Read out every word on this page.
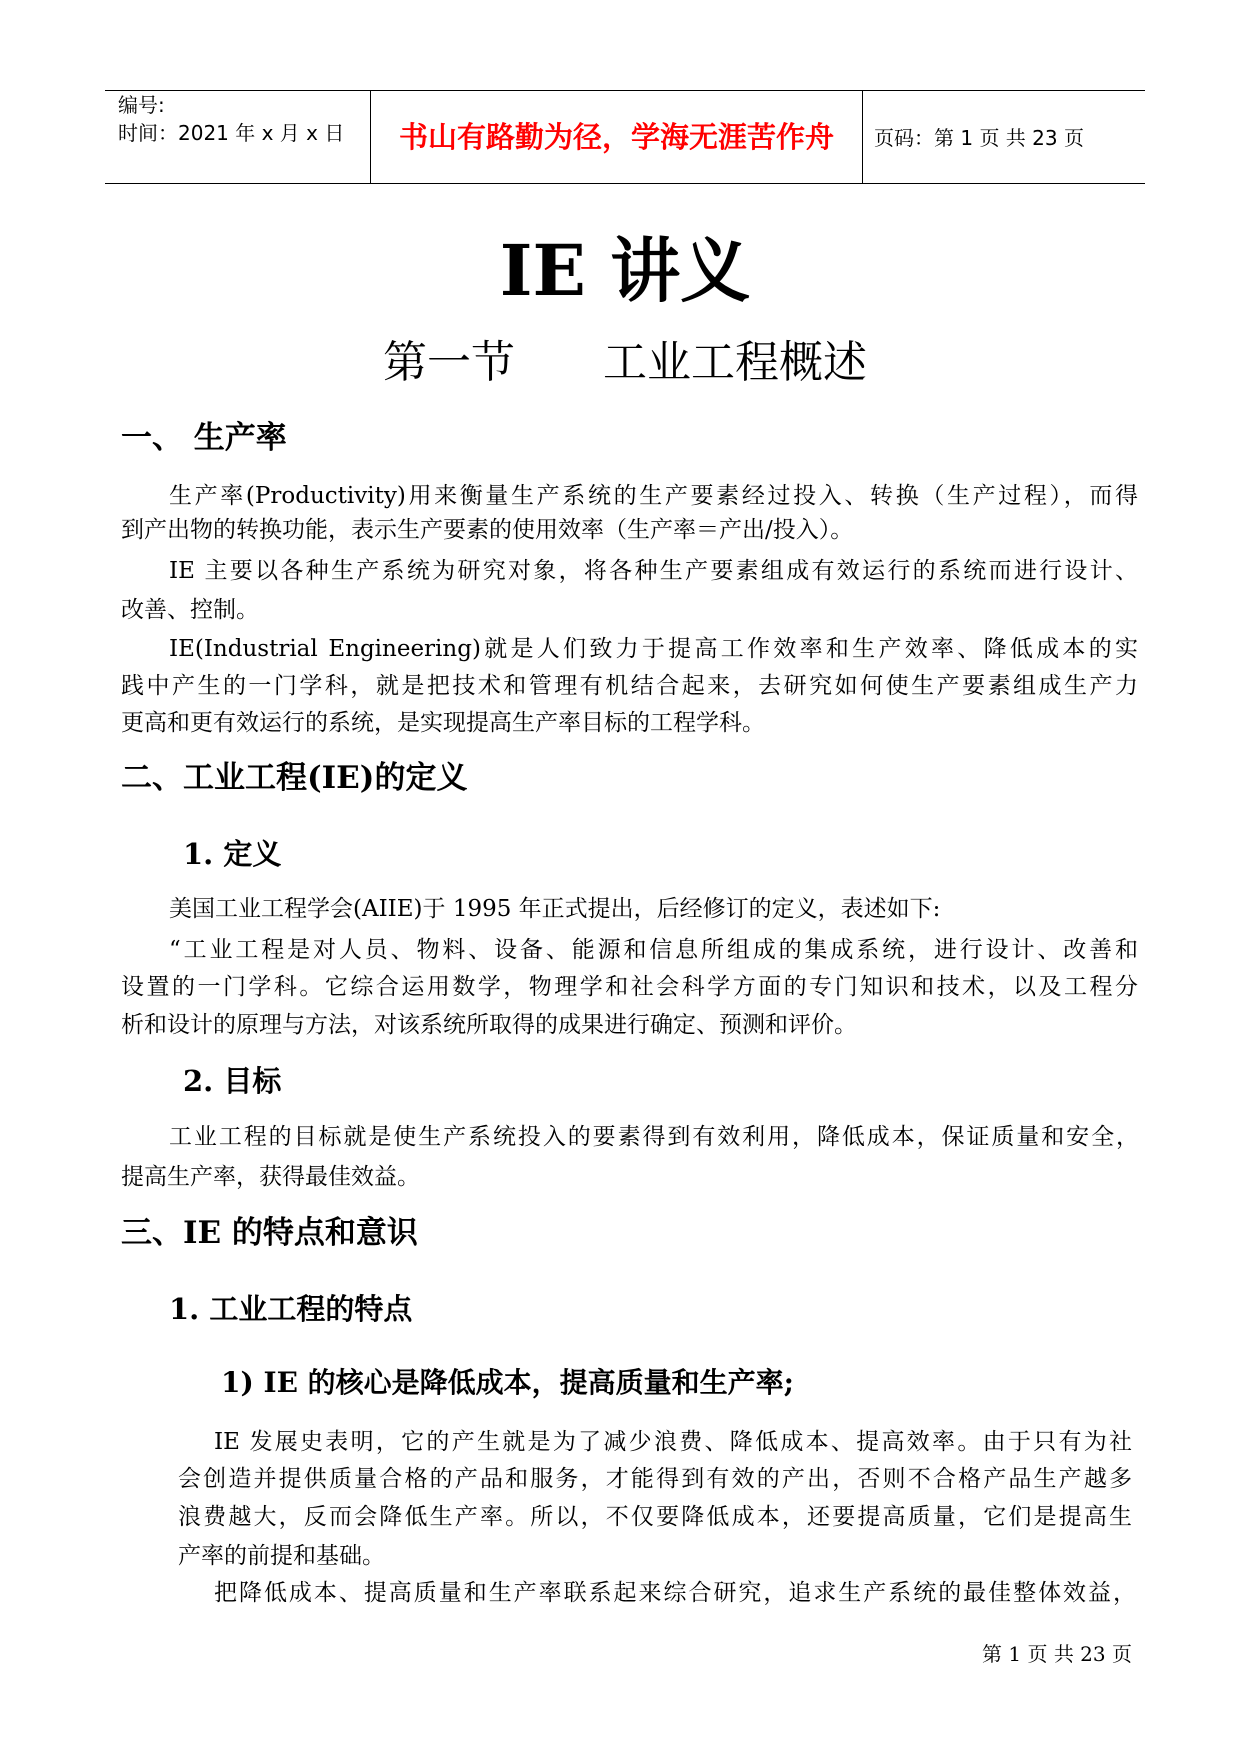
编号:
时间：2021 年 x 月 x 日	书山有路勤为径，学海无涯苦作舟	页码：第 1 页 共 23 页
IE 讲义
第一节　　工业工程概述
一、 生产率
生产率(Productivity)用来衡量生产系统的生产要素经过投入、转换（生产过程），而得
到产出物的转换功能，表示生产要素的使用效率（生产率＝产出/投入）。
IE 主要以各种生产系统为研究对象，将各种生产要素组成有效运行的系统而进行设计、
改善、控制。
IE(Industrial Engineering)就是人们致力于提高工作效率和生产效率、降低成本的实
践中产生的一门学科，就是把技术和管理有机结合起来，去研究如何使生产要素组成生产力
更高和更有效运行的系统，是实现提高生产率目标的工程学科。
二、工业工程(IE)的定义
1. 定义
美国工业工程学会(AIIE)于 1995 年正式提出，后经修订的定义，表述如下:
“工业工程是对人员、物料、设备、能源和信息所组成的集成系统，进行设计、改善和
设置的一门学科。它综合运用数学，物理学和社会科学方面的专门知识和技术，以及工程分
析和设计的原理与方法，对该系统所取得的成果进行确定、预测和评价。
2. 目标
工业工程的目标就是使生产系统投入的要素得到有效利用，降低成本，保证质量和安全，
提高生产率，获得最佳效益。
三、IE 的特点和意识
1. 工业工程的特点
1) IE 的核心是降低成本，提高质量和生产率;
IE 发展史表明，它的产生就是为了减少浪费、降低成本、提高效率。由于只有为社
会创造并提供质量合格的产品和服务，才能得到有效的产出，否则不合格产品生产越多
浪费越大，反而会降低生产率。所以，不仅要降低成本，还要提高质量，它们是提高生
产率的前提和基础。
把降低成本、提高质量和生产率联系起来综合研究，追求生产系统的最佳整体效益，
第 1 页 共 23 页
